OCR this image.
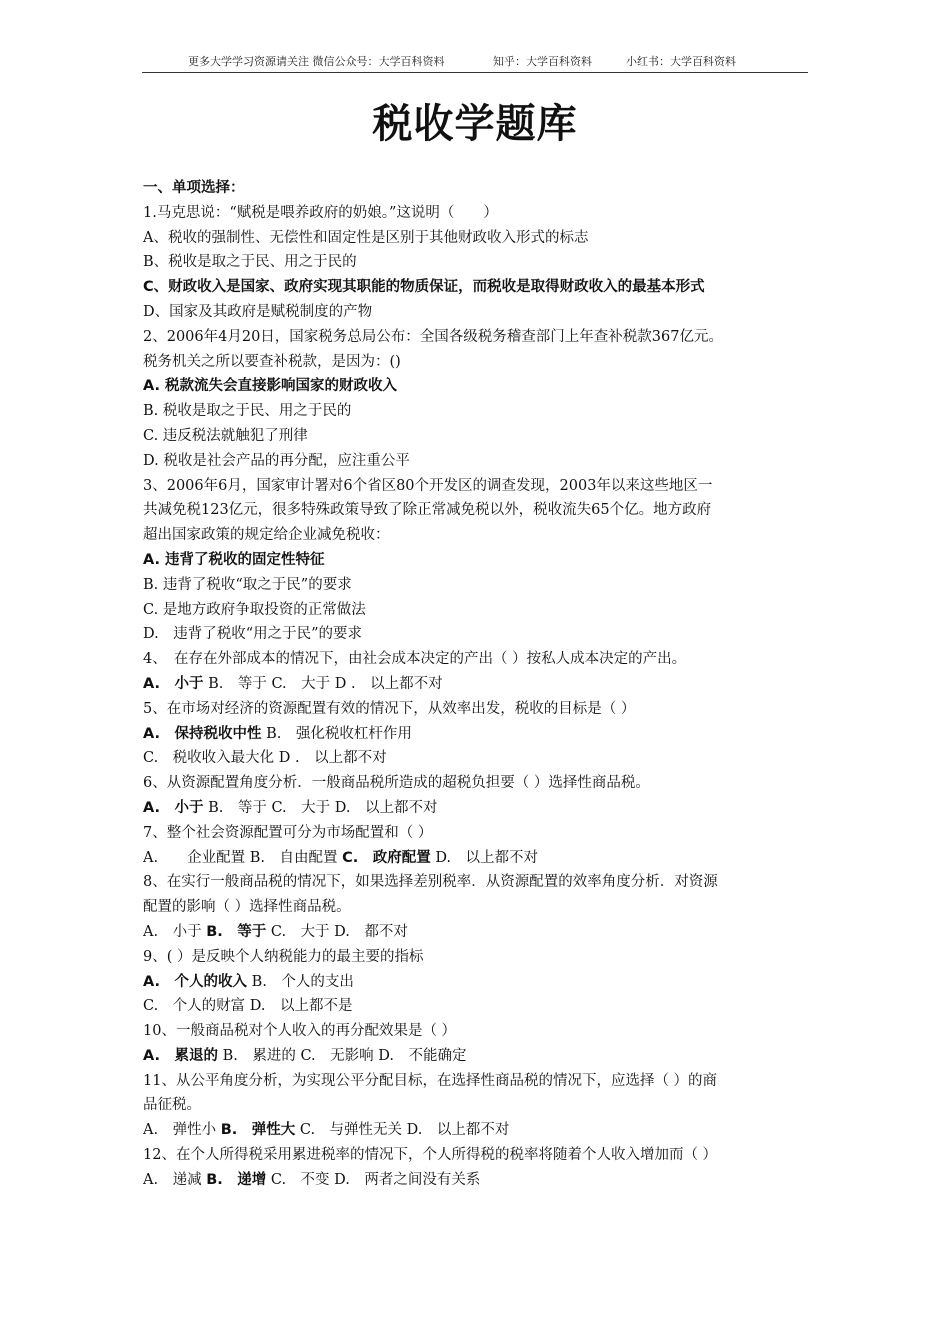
更多大学学习资源请关注 微信公众号：大学百科资料	知乎：大学百科资料	小红书：大学百科资料
税收学题库
一、单项选择：
1.马克思说：“赋税是喂养政府的奶娘。”这说明（　　）
A、税收的强制性、无偿性和固定性是区别于其他财政收入形式的标志
B、税收是取之于民、用之于民的
C、财政收入是国家、政府实现其职能的物质保证，而税收是取得财政收入的最基本形式
D、国家及其政府是赋税制度的产物
2、2006年4月20日，国家税务总局公布：全国各级税务稽查部门上年查补税款367亿元。
税务机关之所以要查补税款，是因为：()
A. 税款流失会直接影响国家的财政收入
B. 税收是取之于民、用之于民的
C. 违反税法就触犯了刑律
D. 税收是社会产品的再分配，应注重公平
3、2006年6月，国家审计署对6个省区80个开发区的调查发现，2003年以来这些地区一
共减免税123亿元，很多特殊政策导致了除正常减免税以外，税收流失65个亿。地方政府
超出国家政策的规定给企业减免税收：
A. 违背了税收的固定性特征
B. 违背了税收“取之于民”的要求
C. 是地方政府争取投资的正常做法
D.　违背了税收“用之于民”的要求
4、　在存在外部成本的情况下，由社会成本决定的产出（ ）按私人成本决定的产出。
A.　小于 B.　等于 C.　大于 D .　以上都不对
5、在市场对经济的资源配置有效的情况下，从效率出发，税收的目标是（ ）
A.　保持税收中性 B.　强化税收杠杆作用
C.　税收收入最大化 D .　以上都不对
6、从资源配置角度分析．一般商品税所造成的超税负担要（ ）选择性商品税。
A.　小于 B.　等于 C.　大于 D.　以上都不对
7、整个社会资源配置可分为市场配置和（ ）
A.　　企业配置 B.　自由配置 C.　政府配置 D.　以上都不对
8、在实行一般商品税的情况下，如果选择差别税率．从资源配置的效率角度分析．对资源
配置的影响（ ）选择性商品税。
A.　小于 B.　等于 C.　大于 D.　都不对
9、( ）是反映个人纳税能力的最主要的指标
A.　个人的收入 B.　个人的支出
C.　个人的财富 D.　以上都不是
10、一般商品税对个人收入的再分配效果是（ ）
A.　累退的 B.　累进的 C.　无影响 D.　不能确定
11、从公平角度分析，为实现公平分配目标，在选择性商品税的情况下，应选择（ ）的商
品征税。
A.　弹性小 B.　弹性大 C.　与弹性无关 D.　以上都不对
12、在个人所得税采用累进税率的情况下，个人所得税的税率将随着个人收入增加而（ ）
A.　递减 B.　递增 C.　不变 D.　两者之间没有关系
